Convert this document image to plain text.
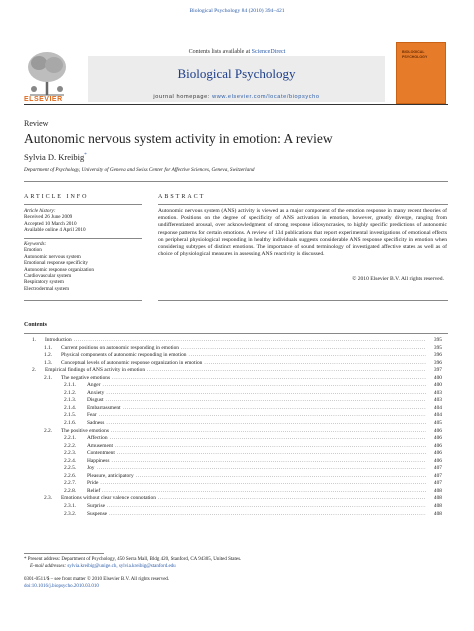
Biological Psychology 84 (2010) 394–421
ELSEVIER
Contents lists available at ScienceDirect
Biological Psychology
journal homepage: www.elsevier.com/locate/biopsycho
BIOLOGICAL PSYCHOLOGY
Review
Autonomic nervous system activity in emotion: A review
Sylvia D. Kreibig*
Department of Psychology, University of Geneva and Swiss Center for Affective Sciences, Geneva, Switzerland
ARTICLE INFO
Article history:
Received 26 June 2009
Accepted 10 March 2010
Available online 4 April 2010
Keywords:
Emotion
Autonomic nervous system
Emotional response specificity
Autonomic response organization
Cardiovascular system
Respiratory system
Electrodermal system
ABSTRACT
Autonomic nervous system (ANS) activity is viewed as a major component of the emotion response in many recent theories of emotion. Positions on the degree of specificity of ANS activation in emotion, however, greatly diverge, ranging from undifferentiated arousal, over acknowledgment of strong response idiosyncrasies, to highly specific predictions of autonomic response patterns for certain emotions. A review of 134 publications that report experimental investigations of emotional effects on peripheral physiological responding in healthy individuals suggests considerable ANS response specificity in emotion when considering subtypes of distinct emotions. The importance of sound terminology of investigated affective states as well as of choice of physiological measures in assessing ANS reactivity is discussed.
© 2010 Elsevier B.V. All rights reserved.
Contents
1.	Introduction . . .	395
1.1.	Current positions on autonomic responding in emotion . . .	395
1.2.	Physical components of autonomic responding in emotion . . .	396
1.3.	Conceptual levels of autonomic response organization in emotion . . .	396
2.	Empirical findings of ANS activity in emotion . . .	397
2.1.	The negative emotions . . .	400
2.1.1.	Anger . . .	400
2.1.2.	Anxiety . . .	403
2.1.3.	Disgust . . .	403
2.1.4.	Embarrassment . . .	404
2.1.5.	Fear . . .	404
2.1.6.	Sadness . . .	405
2.2.	The positive emotions . . .	406
2.2.1.	Affection . . .	406
2.2.2.	Amusement . . .	406
2.2.3.	Contentment . . .	406
2.2.4.	Happiness . . .	406
2.2.5.	Joy . . .	407
2.2.6.	Pleasure, anticipatory . . .	407
2.2.7.	Pride . . .	407
2.2.8.	Relief . . .	408
2.3.	Emotions without clear valence connotation . . .	408
2.3.1.	Surprise . . .	408
2.3.2.	Suspense . . .	408
* Present address: Department of Psychology, 450 Serra Mall, Bldg 420, Stanford, CA 94305, United States.
E-mail addresses: sylvia.kreibig@unige.ch, sylvia.kreibig@stanford.edu
0301-0511/$ – see front matter © 2010 Elsevier B.V. All rights reserved.
doi:10.1016/j.biopsycho.2010.03.010
